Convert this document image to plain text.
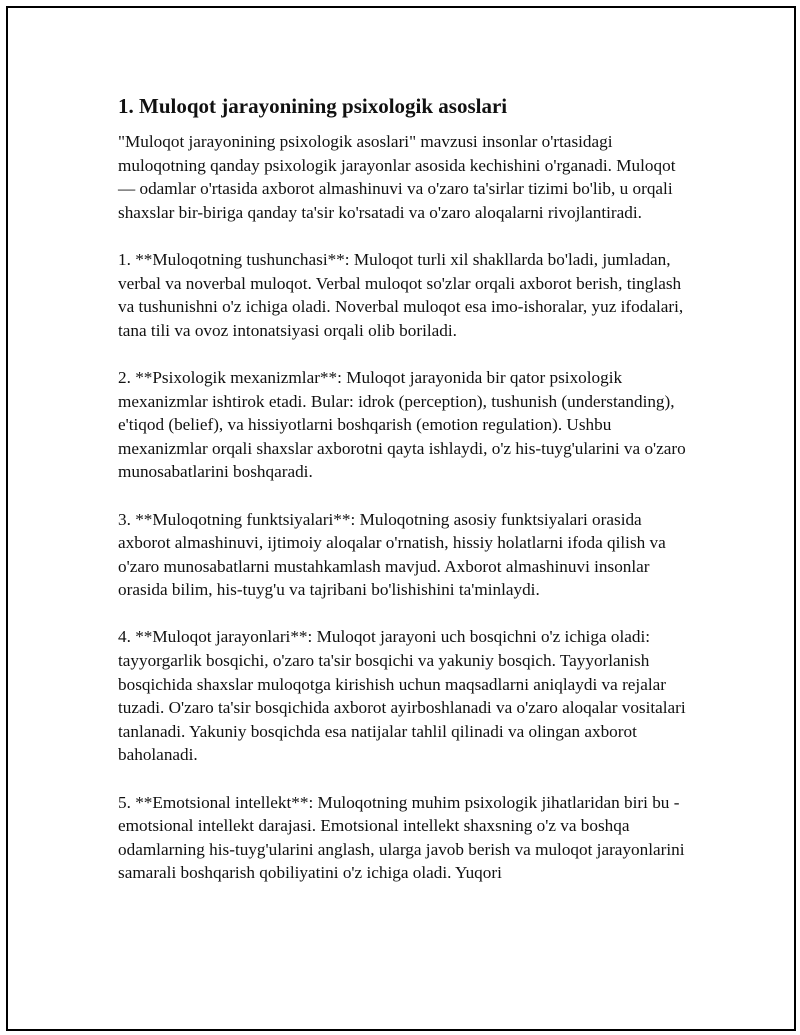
1. Muloqot jarayonining psixologik asoslari

"Muloqot jarayonining psixologik asoslari" mavzusi insonlar o'rtasidagi muloqotning qanday psixologik jarayonlar asosida kechishini o'rganadi. Muloqot — odamlar o'rtasida axborot almashinuvi va o'zaro ta'sirlar tizimi bo'lib, u orqali shaxslar bir-biriga qanday ta'sir ko'rsatadi va o'zaro aloqalarni rivojlantiradi.

1. **Muloqotning tushunchasi**: Muloqot turli xil shakllarda bo'ladi, jumladan, verbal va noverbal muloqot. Verbal muloqot so'zlar orqali axborot berish, tinglash va tushunishni o'z ichiga oladi. Noverbal muloqot esa imo-ishoralar, yuz ifodalari, tana tili va ovoz intonatsiyasi orqali olib boriladi.

2. **Psixologik mexanizmlar**: Muloqot jarayonida bir qator psixologik mexanizmlar ishtirok etadi. Bular: idrok (perception), tushunish (understanding), e'tiqod (belief), va hissiyotlarni boshqarish (emotion regulation). Ushbu mexanizmlar orqali shaxslar axborotni qayta ishlaydi, o'z his-tuyg'ularini va o'zaro munosabatlarini boshqaradi.

3. **Muloqotning funktsiyalari**: Muloqotning asosiy funktsiyalari orasida axborot almashinuvi, ijtimoiy aloqalar o'rnatish, hissiy holatlarni ifoda qilish va o'zaro munosabatlarni mustahkamlash mavjud. Axborot almashinuvi insonlar orasida bilim, his-tuyg'u va tajribani bo'lishishini ta'minlaydi.

4. **Muloqot jarayonlari**: Muloqot jarayoni uch bosqichni o'z ichiga oladi: tayyorgarlik bosqichi, o'zaro ta'sir bosqichi va yakuniy bosqich. Tayyorlanish bosqichida shaxslar muloqotga kirishish uchun maqsadlarni aniqlaydi va rejalar tuzadi. O'zaro ta'sir bosqichida axborot ayirboshlanadi va o'zaro aloqalar vositalari tanlanadi. Yakuniy bosqichda esa natijalar tahlil qilinadi va olingan axborot baholanadi.

5. **Emotsional intellekt**: Muloqotning muhim psixologik jihatlaridan biri bu - emotsional intellekt darajasi. Emotsional intellekt shaxsning o'z va boshqa odamlarning his-tuyg'ularini anglash, ularga javob berish va muloqot jarayonlarini samarali boshqarish qobiliyatini o'z ichiga oladi. Yuqori
